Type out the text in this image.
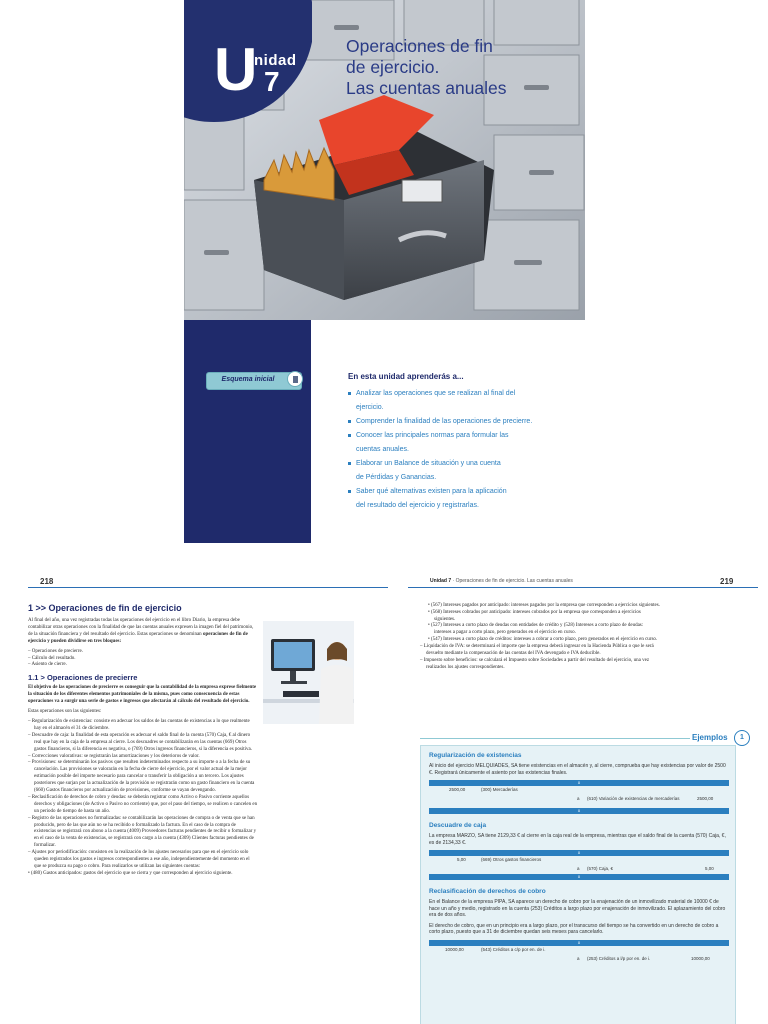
U
nidad
7
Operaciones de fin
de ejercicio.
Las cuentas anuales
En esta unidad aprenderás a...
Analizar las operaciones que se realizan al final del
ejercicio.
Comprender la finalidad de las operaciones de precierre.
Conocer las principales normas para formular las
cuentas anuales.
Elaborar un Balance de situación y una cuenta
de Pérdidas y Ganancias.
Saber qué alternativas existen para la aplicación
del resultado del ejercicio y registrarlas.
Esquema inicial
218	Unidad 7 · Operaciones de fin de ejercicio. Las cuentas anuales	219
1 >> Operaciones de fin de ejercicio
Al final del año, una vez registradas todas las operaciones del ejercicio en el libro Diario, la empresa debe contabilizar otras operaciones con la finalidad de que las cuentas anuales expresen la imagen fiel del patrimonio, de la situación financiera y del resultado del ejercicio. Estas operaciones se denominan operaciones de fin de ejercicio y pueden dividirse en tres bloques:
– Operaciones de precierre.
– Cálculo del resultado.
– Asiento de cierre.
1.1 > Operaciones de precierre
El objetivo de las operaciones de precierre es conseguir que la contabilidad de la empresa exprese fielmente la situación de los diferentes elementos patrimoniales de la misma, pues como consecuencia de estas operaciones va a surgir una serie de gastos e ingresos que afectarán al cálculo del resultado del ejercicio.
Estas operaciones son las siguientes:
– Regularización de existencias: consiste en adecuar los saldos de las cuentas de existencias a lo que realmente hay en el almacén el 31 de diciembre.
– Descuadre de caja: la finalidad de esta operación es adecuar el saldo final de la cuenta (570) Caja, € al dinero real que hay en la caja de la empresa al cierre. Los descuadres se contabilizarán en las cuentas (669) Otros gastos financieros, si la diferencia es negativa, o (769) Otros ingresos financieros, si la diferencia es positiva.
– Correcciones valorativas: se registrarán las amortizaciones y los deterioros de valor.
– Provisiones: se determinarán los pasivos que resulten indeterminados respecto a su importe o a la fecha de su cancelación. Las provisiones se valorarán en la fecha de cierre del ejercicio, por el valor actual de la mejor estimación posible del importe necesario para cancelar o transferir la obligación a un tercero. Los ajustes posteriores que surjan por la actualización de la provisión se registrarán como un gasto financiero en la cuenta (660) Gastos financieros por actualización de provisiones, conforme se vayan devengando.
– Reclasificación de derechos de cobro y deudas: se deberán registrar como Activo o Pasivo corriente aquellos derechos y obligaciones (de Activo o Pasivo no corriente) que, por el paso del tiempo, se realicen o cancelen en un periodo de tiempo de hasta un año.
– Registro de las operaciones no formalizadas: se contabilizarán las operaciones de compra o de venta que se han producido, pero de las que aún no se ha recibido o formalizado la factura. En el caso de la compra de existencias se registrará con abono a la cuenta (4009) Proveedores facturas pendientes de recibir o formalizar y en el caso de la venta de existencias, se registrará con cargo a la cuenta (4309) Clientes facturas pendientes de formalizar.
– Ajustes por periodificación: consisten en la realización de los ajustes necesarios para que en el ejercicio solo queden registrados los gastos e ingresos correspondientes a ese año, independientemente del momento en el que se produzca su pago o cobro. Para realizarlos se utilizan las siguientes cuentas:
• (480) Gastos anticipados: gastos del ejercicio que se cierra y que corresponden al ejercicio siguiente.
• (567) Intereses pagados por anticipado: intereses pagados por la empresa que corresponden a ejercicios siguientes.
• (568) Intereses cobrados por anticipado: intereses cobrados por la empresa que corresponden a ejercicios siguientes.
• (527) Intereses a corto plazo de deudas con entidades de crédito y (528) Intereses a corto plazo de deudas: intereses a pagar a corto plazo, pero generados en el ejercicio en curso.
• (547) Intereses a corto plazo de créditos: intereses a cobrar a corto plazo, pero generados en el ejercicio en curso.
– Liquidación de IVA: se determinará el importe que la empresa deberá ingresar en la Hacienda Pública o que le será devuelto mediante la compensación de las cuentas del IVA devengado e IVA deducible.
– Impuesto sobre beneficios: se calculará el Impuesto sobre Sociedades a partir del resultado del ejercicio, una vez realizados los ajustes correspondientes.
Ejemplos	1
Regularización de existencias
Al inicio del ejercicio MELQUIADES, SA tiene existencias en el almacén y, al cierre, comprueba que hay existencias por valor de 2500 €. Registrará únicamente el asiento por las existencias finales.
x
2500,00	(300) Mercaderías
a (610) Variación de existencias de mercaderías	2500,00
x
Descuadre de caja
La empresa MARZO, SA tiene 2129,33 € al cierre en la caja real de la empresa, mientras que el saldo final de la cuenta (570) Caja, €, es de 2134,33 €.
x
5,00	(669) Otros gastos financieros
a (570) Caja, €	5,00
x
Reclasificación de derechos de cobro
En el Balance de la empresa PIPA, SA aparece un derecho de cobro por la enajenación de un inmovilizado material de 10000 € de hace un año y medio, registrado en la cuenta (253) Créditos a largo plazo por enajenación de inmovilizado. El aplazamiento del cobro era de dos años.
El derecho de cobro, que en un principio era a largo plazo, por el transcurso del tiempo se ha convertido en un derecho de cobro a corto plazo, puesto que a 31 de diciembre quedan seis meses para cancelarlo.
x
10000,00	(543) Créditos a c/p por en. de i.
a (253) Créditos a l/p por en. de i.	10000,00
